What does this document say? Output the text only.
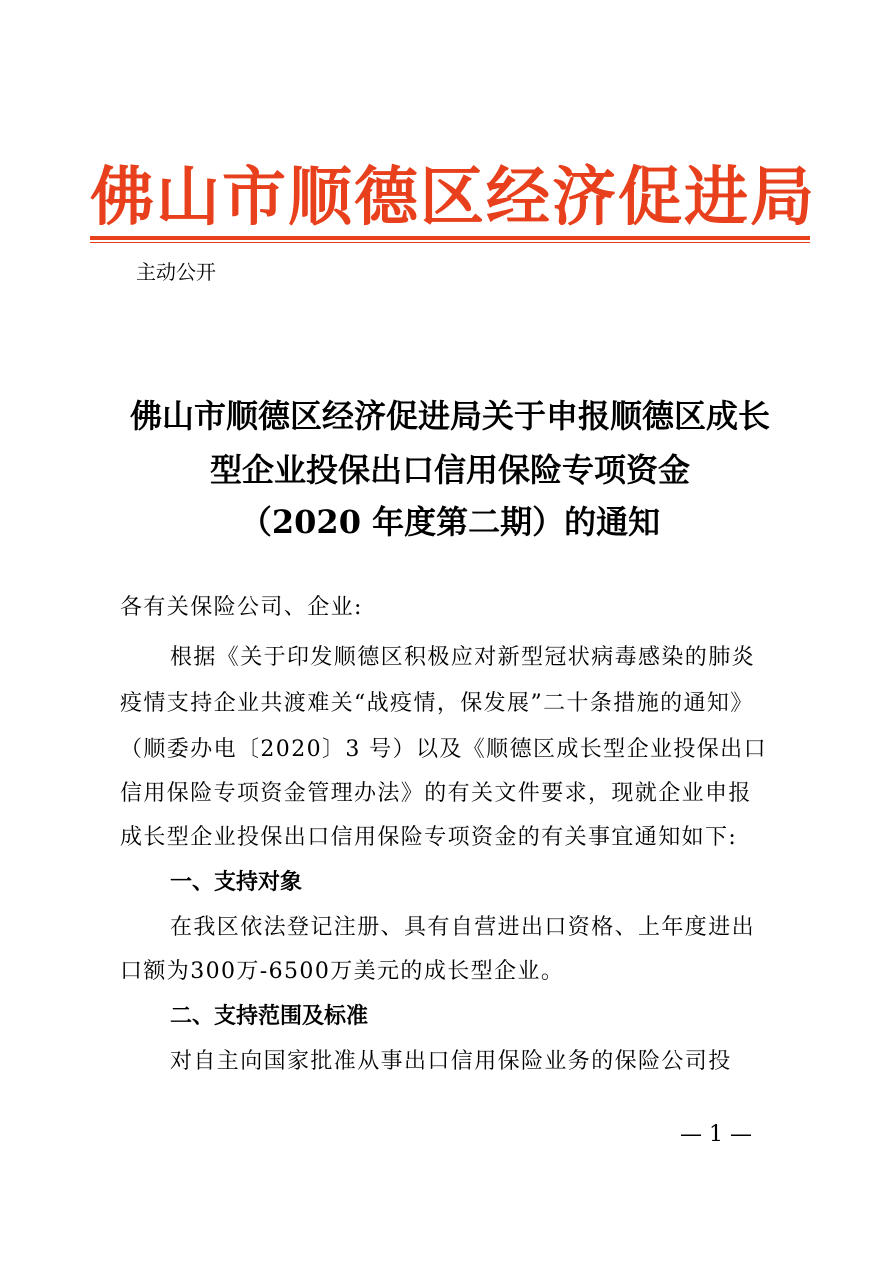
佛山市顺德区经济促进局
主动公开
佛山市顺德区经济促进局关于申报顺德区成长
型企业投保出口信用保险专项资金
（2020 年度第二期）的通知
各有关保险公司、企业:
根据《关于印发顺德区积极应对新型冠状病毒感染的肺炎
疫情支持企业共渡难关“战疫情，保发展”二十条措施的通知》
（顺委办电〔2020〕3 号）以及《顺德区成长型企业投保出口
信用保险专项资金管理办法》的有关文件要求，现就企业申报
成长型企业投保出口信用保险专项资金的有关事宜通知如下:
一、支持对象
在我区依法登记注册、具有自营进出口资格、上年度进出
口额为300万-6500万美元的成长型企业。
二、支持范围及标准
对自主向国家批准从事出口信用保险业务的保险公司投
— 1 —
